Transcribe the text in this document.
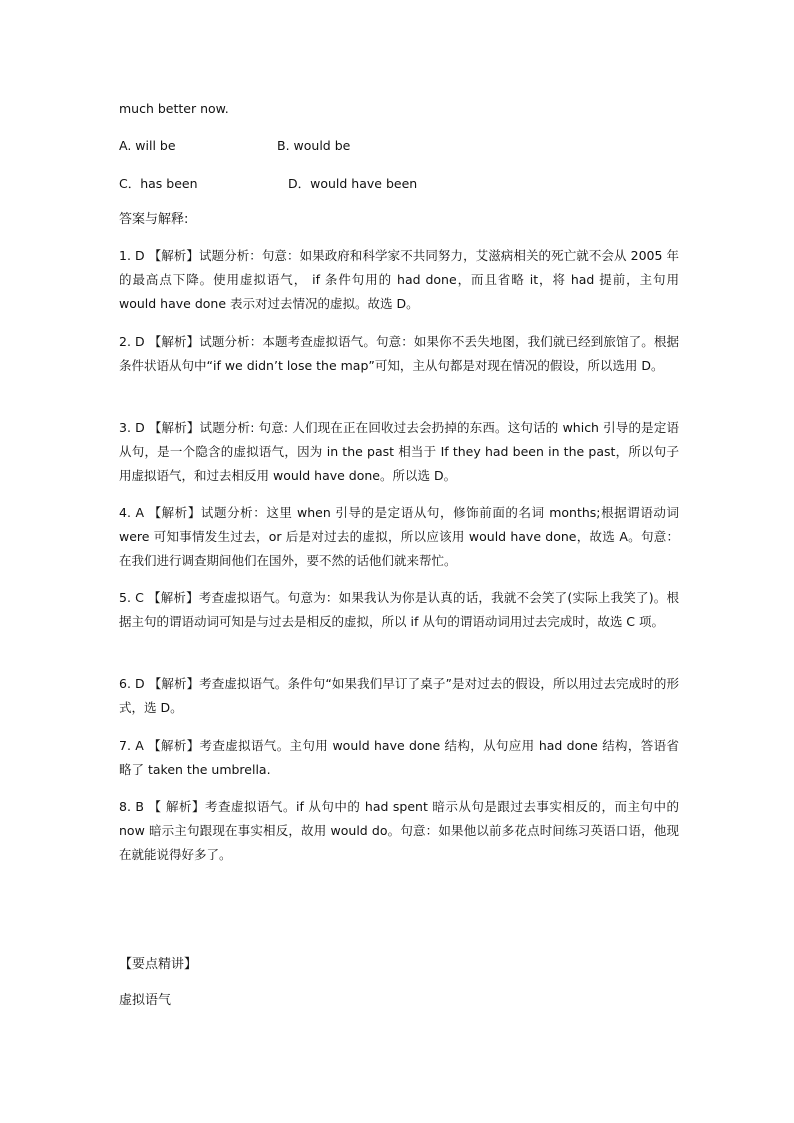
much better now.
A. will be	B. would be
C．has been	D．would have been
答案与解释:
1. D 【解析】试题分析：句意：如果政府和科学家不共同努力，艾滋病相关的死亡就不会从 2005 年的最高点下降。使用虚拟语气， if 条件句用的 had done，而且省略 it，将 had 提前，主句用 would have done 表示对过去情况的虚拟。故选 D。
2. D 【解析】试题分析：本题考查虚拟语气。句意：如果你不丢失地图，我们就已经到旅馆了。根据条件状语从句中“if we didn’t lose the map”可知，主从句都是对现在情况的假设，所以选用 D。
3. D 【解析】试题分析: 句意: 人们现在正在回收过去会扔掉的东西。这句话的 which 引导的是定语从句，是一个隐含的虚拟语气，因为 in the past 相当于 If they had been in the past，所以句子用虚拟语气，和过去相反用 would have done。所以选 D。
4. A 【解析】试题分析：这里 when 引导的是定语从句，修饰前面的名词 months;根据谓语动词 were 可知事情发生过去，or 后是对过去的虚拟，所以应该用 would have done，故选 A。句意：在我们进行调查期间他们在国外，要不然的话他们就来帮忙。
5. C 【解析】考查虚拟语气。句意为：如果我认为你是认真的话，我就不会笑了(实际上我笑了)。根据主句的谓语动词可知是与过去是相反的虚拟，所以 if 从句的谓语动词用过去完成时，故选 C 项。
6. D 【解析】考查虚拟语气。条件句“如果我们早订了桌子”是对过去的假设，所以用过去完成时的形式，选 D。
7. A 【解析】考查虚拟语气。主句用 would have done 结构，从句应用 had done 结构，答语省略了 taken the umbrella.
8. B 【 解析】考查虚拟语气。if 从句中的 had spent 暗示从句是跟过去事实相反的，而主句中的 now 暗示主句跟现在事实相反，故用 would do。句意：如果他以前多花点时间练习英语口语，他现在就能说得好多了。
【要点精讲】
虚拟语气
